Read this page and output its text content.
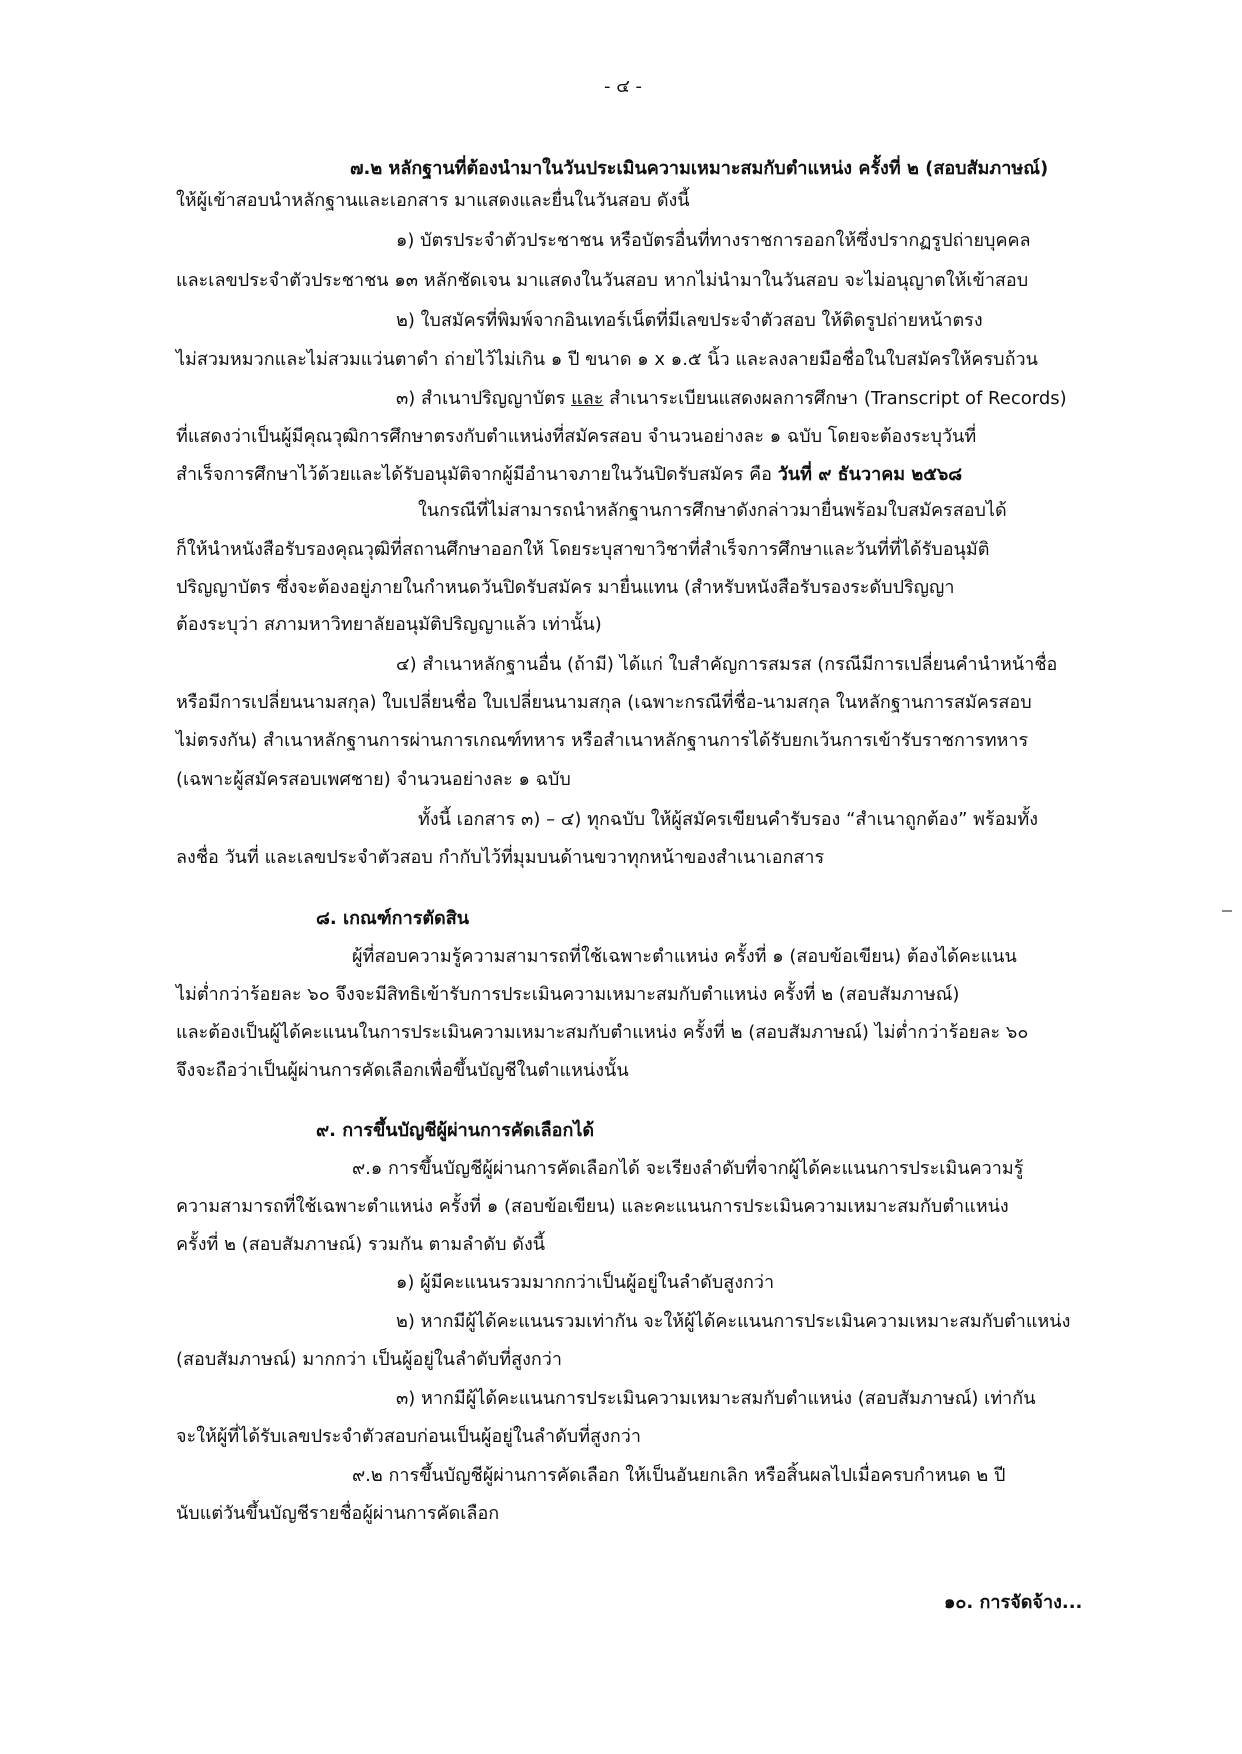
- ๔ -
๗.๒ หลักฐานที่ต้องนำมาในวันประเมินความเหมาะสมกับตำแหน่ง ครั้งที่ ๒ (สอบสัมภาษณ์)
ให้ผู้เข้าสอบนำหลักฐานและเอกสาร มาแสดงและยื่นในวันสอบ ดังนี้
๑) บัตรประจำตัวประชาชน หรือบัตรอื่นที่ทางราชการออกให้ซึ่งปรากฏรูปถ่ายบุคคล
และเลขประจำตัวประชาชน ๑๓ หลักชัดเจน มาแสดงในวันสอบ หากไม่นำมาในวันสอบ จะไม่อนุญาตให้เข้าสอบ
๒) ใบสมัครที่พิมพ์จากอินเทอร์เน็ตที่มีเลขประจำตัวสอบ ให้ติดรูปถ่ายหน้าตรง
ไม่สวมหมวกและไม่สวมแว่นตาดำ ถ่ายไว้ไม่เกิน ๑ ปี ขนาด ๑ x ๑.๕ นิ้ว และลงลายมือชื่อในใบสมัครให้ครบถ้วน
๓) สำเนาปริญญาบัตร และ สำเนาระเบียนแสดงผลการศึกษา (Transcript of Records)
ที่แสดงว่าเป็นผู้มีคุณวุฒิการศึกษาตรงกับตำแหน่งที่สมัครสอบ จำนวนอย่างละ ๑ ฉบับ โดยจะต้องระบุวันที่
สำเร็จการศึกษาไว้ด้วยและได้รับอนุมัติจากผู้มีอำนาจภายในวันปิดรับสมัคร คือ วันที่ ๙ ธันวาคม ๒๕๖๘
ในกรณีที่ไม่สามารถนำหลักฐานการศึกษาดังกล่าวมายื่นพร้อมใบสมัครสอบได้
ก็ให้นำหนังสือรับรองคุณวุฒิที่สถานศึกษาออกให้ โดยระบุสาขาวิชาที่สำเร็จการศึกษาและวันที่ที่ได้รับอนุมัติ
ปริญญาบัตร ซึ่งจะต้องอยู่ภายในกำหนดวันปิดรับสมัคร มายื่นแทน (สำหรับหนังสือรับรองระดับปริญญา
ต้องระบุว่า สภามหาวิทยาลัยอนุมัติปริญญาแล้ว เท่านั้น)
๔) สำเนาหลักฐานอื่น (ถ้ามี) ได้แก่ ใบสำคัญการสมรส (กรณีมีการเปลี่ยนคำนำหน้าชื่อ
หรือมีการเปลี่ยนนามสกุล) ใบเปลี่ยนชื่อ ใบเปลี่ยนนามสกุล (เฉพาะกรณีที่ชื่อ-นามสกุล ในหลักฐานการสมัครสอบ
ไม่ตรงกัน) สำเนาหลักฐานการผ่านการเกณฑ์ทหาร หรือสำเนาหลักฐานการได้รับยกเว้นการเข้ารับราชการทหาร
(เฉพาะผู้สมัครสอบเพศชาย) จำนวนอย่างละ ๑ ฉบับ
ทั้งนี้ เอกสาร ๓) – ๔) ทุกฉบับ ให้ผู้สมัครเขียนคำรับรอง “สำเนาถูกต้อง” พร้อมทั้ง
ลงชื่อ วันที่ และเลขประจำตัวสอบ กำกับไว้ที่มุมบนด้านขวาทุกหน้าของสำเนาเอกสาร
๘. เกณฑ์การตัดสิน
ผู้ที่สอบความรู้ความสามารถที่ใช้เฉพาะตำแหน่ง ครั้งที่ ๑ (สอบข้อเขียน) ต้องได้คะแนน
ไม่ต่ำกว่าร้อยละ ๖๐ จึงจะมีสิทธิเข้ารับการประเมินความเหมาะสมกับตำแหน่ง ครั้งที่ ๒ (สอบสัมภาษณ์)
และต้องเป็นผู้ได้คะแนนในการประเมินความเหมาะสมกับตำแหน่ง ครั้งที่ ๒ (สอบสัมภาษณ์) ไม่ต่ำกว่าร้อยละ ๖๐
จึงจะถือว่าเป็นผู้ผ่านการคัดเลือกเพื่อขึ้นบัญชีในตำแหน่งนั้น
๙. การขึ้นบัญชีผู้ผ่านการคัดเลือกได้
๙.๑ การขึ้นบัญชีผู้ผ่านการคัดเลือกได้ จะเรียงลำดับที่จากผู้ได้คะแนนการประเมินความรู้
ความสามารถที่ใช้เฉพาะตำแหน่ง ครั้งที่ ๑ (สอบข้อเขียน) และคะแนนการประเมินความเหมาะสมกับตำแหน่ง
ครั้งที่ ๒ (สอบสัมภาษณ์) รวมกัน ตามลำดับ ดังนี้
๑) ผู้มีคะแนนรวมมากกว่าเป็นผู้อยู่ในลำดับสูงกว่า
๒) หากมีผู้ได้คะแนนรวมเท่ากัน จะให้ผู้ได้คะแนนการประเมินความเหมาะสมกับตำแหน่ง
(สอบสัมภาษณ์) มากกว่า เป็นผู้อยู่ในลำดับที่สูงกว่า
๓) หากมีผู้ได้คะแนนการประเมินความเหมาะสมกับตำแหน่ง (สอบสัมภาษณ์) เท่ากัน
จะให้ผู้ที่ได้รับเลขประจำตัวสอบก่อนเป็นผู้อยู่ในลำดับที่สูงกว่า
๙.๒ การขึ้นบัญชีผู้ผ่านการคัดเลือก ให้เป็นอันยกเลิก หรือสิ้นผลไปเมื่อครบกำหนด ๒ ปี
นับแต่วันขึ้นบัญชีรายชื่อผู้ผ่านการคัดเลือก
๑๐. การจัดจ้าง...
